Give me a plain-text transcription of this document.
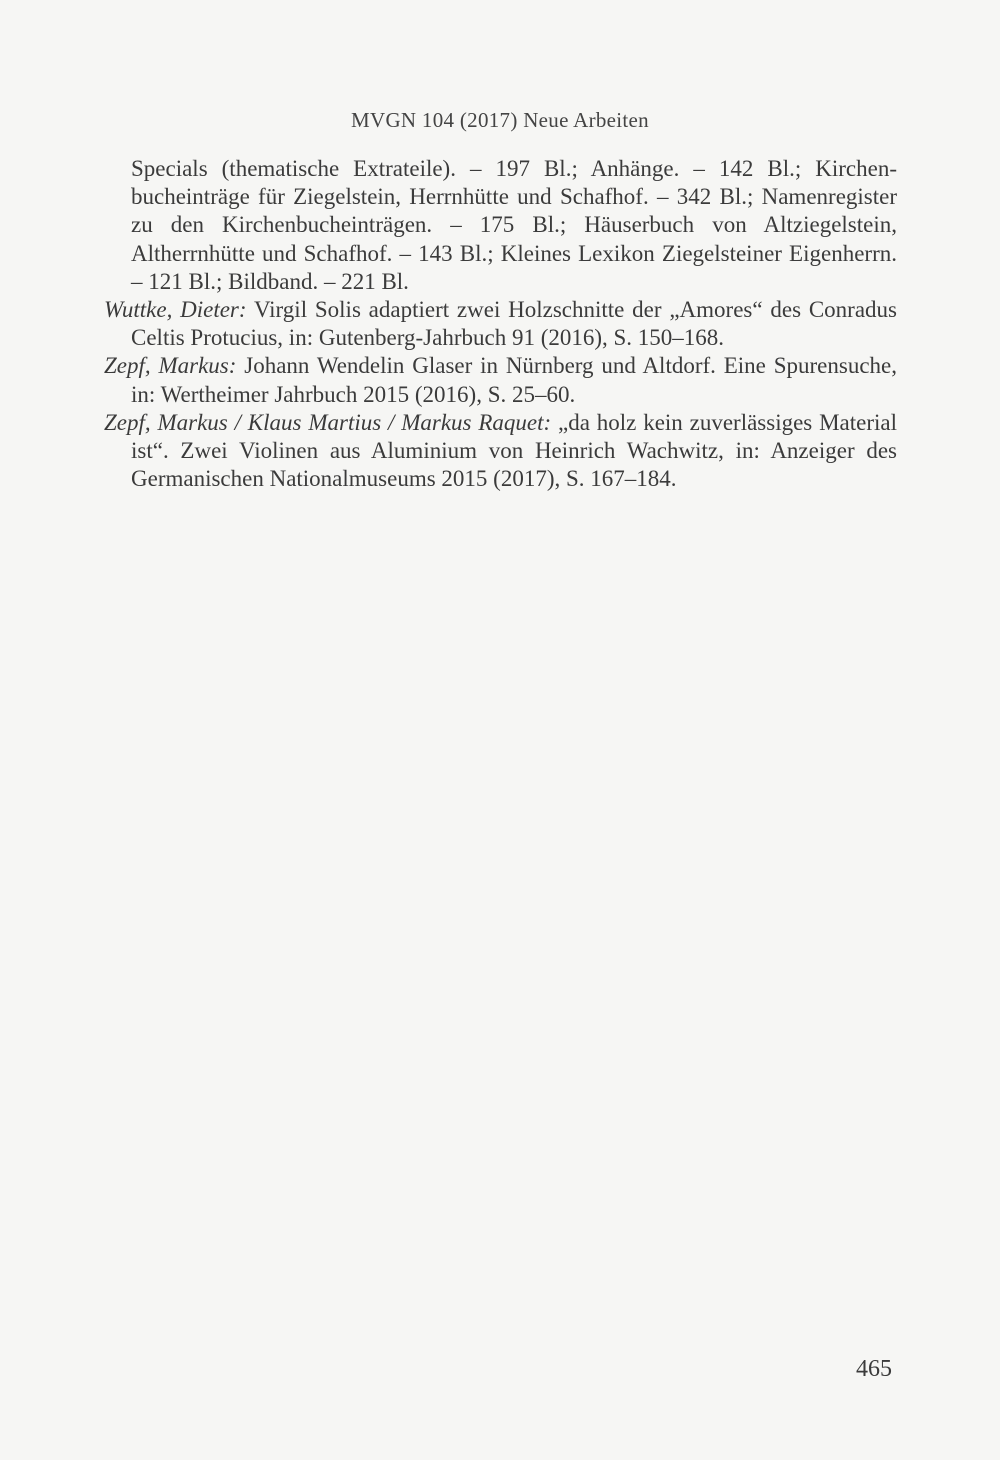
MVGN 104 (2017) Neue Arbeiten

Specials (thematische Extrateile). – 197 Bl.; Anhänge. – 142 Bl.; Kirchenbucheinträge für Ziegelstein, Herrnhütte und Schafhof. – 342 Bl.; Namenregister zu den Kirchenbucheinträgen. – 175 Bl.; Häuserbuch von Altziegelstein, Altherrnhütte und Schafhof. – 143 Bl.; Kleines Lexikon Ziegelsteiner Eigenherrn. – 121 Bl.; Bildband. – 221 Bl.

Wuttke, Dieter: Virgil Solis adaptiert zwei Holzschnitte der „Amores“ des Conradus Celtis Protucius, in: Gutenberg-Jahrbuch 91 (2016), S. 150–168.

Zepf, Markus: Johann Wendelin Glaser in Nürnberg und Altdorf. Eine Spurensuche, in: Wertheimer Jahrbuch 2015 (2016), S. 25–60.

Zepf, Markus / Klaus Martius / Markus Raquet: „da holz kein zuverlässiges Material ist“. Zwei Violinen aus Aluminium von Heinrich Wachwitz, in: Anzeiger des Germanischen Nationalmuseums 2015 (2017), S. 167–184.

465
